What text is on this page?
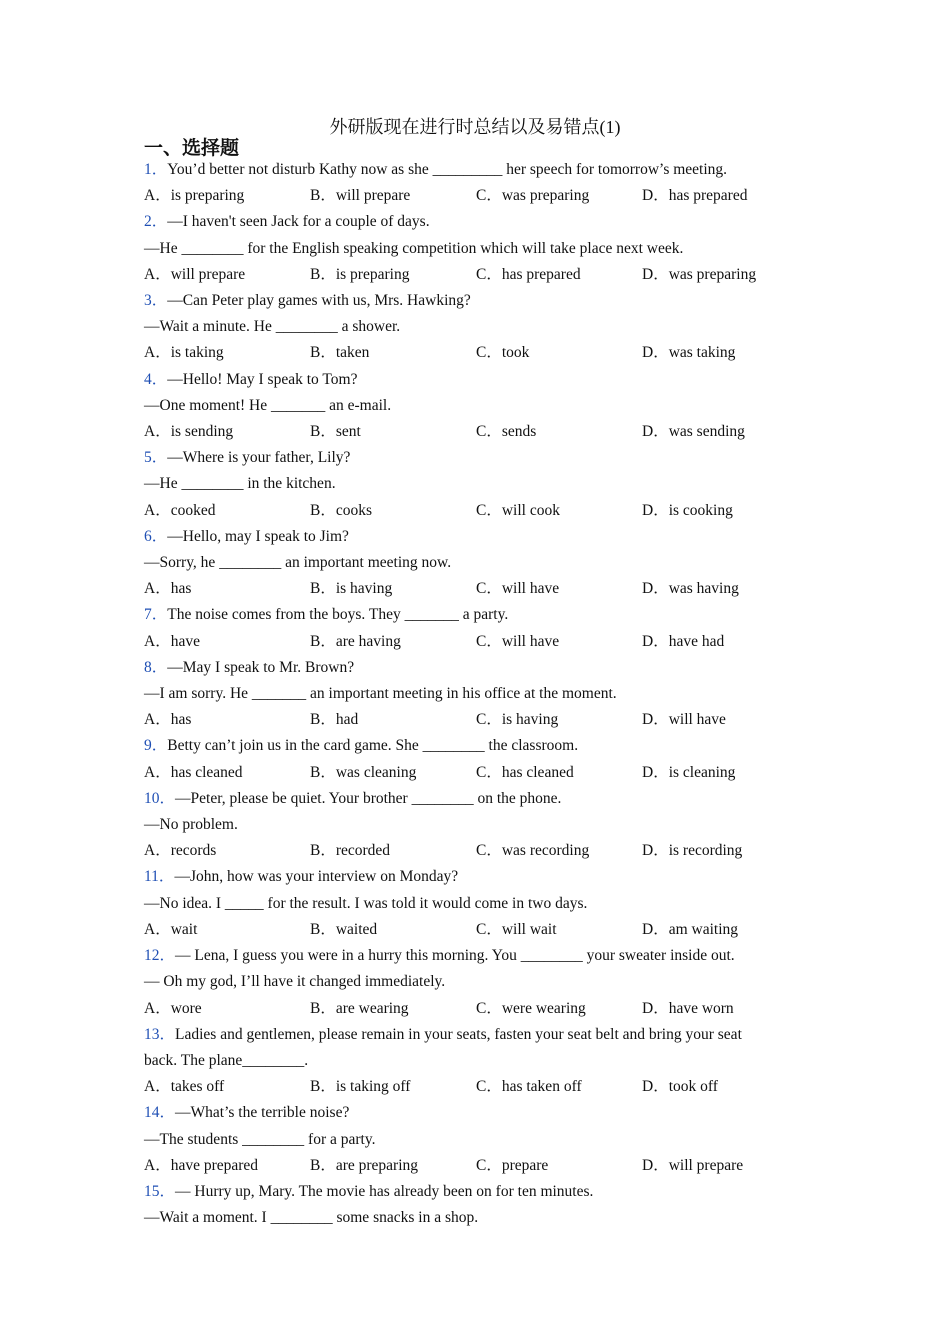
外研版现在进行时总结以及易错点(1)
一、选择题
1．You’d better not disturb Kathy now as she _________ her speech for tomorrow’s meeting.
A．is preparing	B．will prepare	C．was preparing	D．has prepared
2．—I haven't seen Jack for a couple of days.
—He ________ for the English speaking competition which will take place next week.
A．will prepare	B．is preparing	C．has prepared	D．was preparing
3．—Can Peter play games with us, Mrs. Hawking?
—Wait a minute. He ________ a shower.
A．is taking	B．taken	C．took	D．was taking
4．—Hello! May I speak to Tom?
—One moment! He _______ an e-mail.
A．is sending	B．sent	C．sends	D．was sending
5．—Where is your father, Lily?
—He ________ in the kitchen.
A．cooked	B．cooks	C．will cook	D．is cooking
6．—Hello, may I speak to Jim?
—Sorry, he ________ an important meeting now.
A．has	B．is having	C．will have	D．was having
7．The noise comes from the boys. They _______ a party.
A．have	B．are having	C．will have	D．have had
8．—May I speak to Mr. Brown?
—I am sorry. He _______ an important meeting in his office at the moment.
A．has	B．had	C．is having	D．will have
9．Betty can’t join us in the card game. She ________ the classroom.
A．has cleaned	B．was cleaning	C．has cleaned	D．is cleaning
10．—Peter, please be quiet. Your brother ________ on the phone.
—No problem.
A．records	B．recorded	C．was recording	D．is recording
11．—John, how was your interview on Monday?
—No idea. I _____ for the result. I was told it would come in two days.
A．wait	B．waited	C．will wait	D．am waiting
12．— Lena, I guess you were in a hurry this morning. You ________ your sweater inside out.
— Oh my god, I’ll have it changed immediately.
A．wore	B．are wearing	C．were wearing	D．have worn
13．Ladies and gentlemen, please remain in your seats, fasten your seat belt and bring your seat
back. The plane________.
A．takes off	B．is taking off	C．has taken off	D．took off
14．—What’s the terrible noise?
—The students ________ for a party.
A．have prepared	B．are preparing	C．prepare	D．will prepare
15．— Hurry up, Mary. The movie has already been on for ten minutes.
—Wait a moment. I ________ some snacks in a shop.
